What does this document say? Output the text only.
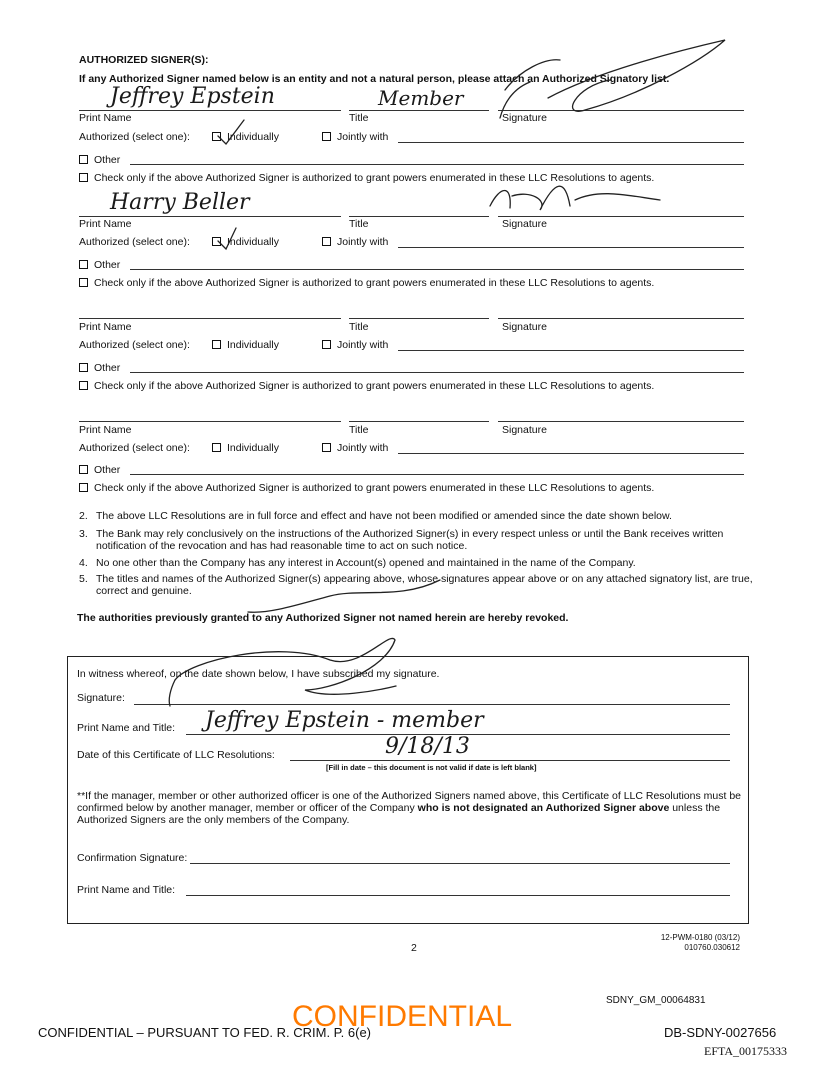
AUTHORIZED SIGNER(S):
If any Authorized Signer named below is an entity and not a natural person, please attach an Authorized Signatory list.
Jeffrey Epstein	Member
Print Name	Title	Signature
Authorized (select one):	Individually	Jointly with
Other
Check only if the above Authorized Signer is authorized to grant powers enumerated in these LLC Resolutions to agents.
Harry Beller
Print Name	Title	Signature
Authorized (select one):	Individually	Jointly with
Other
Check only if the above Authorized Signer is authorized to grant powers enumerated in these LLC Resolutions to agents.
Print Name	Title	Signature
Authorized (select one):	Individually	Jointly with
Other
Check only if the above Authorized Signer is authorized to grant powers enumerated in these LLC Resolutions to agents.
Print Name	Title	Signature
Authorized (select one):	Individually	Jointly with
Other
Check only if the above Authorized Signer is authorized to grant powers enumerated in these LLC Resolutions to agents.
2. The above LLC Resolutions are in full force and effect and have not been modified or amended since the date shown below.
3. The Bank may rely conclusively on the instructions of the Authorized Signer(s) in every respect unless or until the Bank receives written notification of the revocation and has had reasonable time to act on such notice.
4. No one other than the Company has any interest in Account(s) opened and maintained in the name of the Company.
5. The titles and names of the Authorized Signer(s) appearing above, whose signatures appear above or on any attached signatory list, are true, correct and genuine.
The authorities previously granted to any Authorized Signer not named herein are hereby revoked.
In witness whereof, on the date shown below, I have subscribed my signature.
Signature:
Print Name and Title: Jeffrey Epstein - member
Date of this Certificate of LLC Resolutions:	9/18/13
[Fill in date – this document is not valid if date is left blank]
**If the manager, member or other authorized officer is one of the Authorized Signers named above, this Certificate of LLC Resolutions must be confirmed below by another manager, member or officer of the Company who is not designated an Authorized Signer above unless the Authorized Signers are the only members of the Company.
Confirmation Signature:
Print Name and Title:
12-PWM-0180 (03/12)
010760.030612
2
SDNY_GM_00064831
CONFIDENTIAL – PURSUANT TO FED. R. CRIM. P. 6(e)
CONFIDENTIAL	DB-SDNY-0027656
EFTA_00175333
